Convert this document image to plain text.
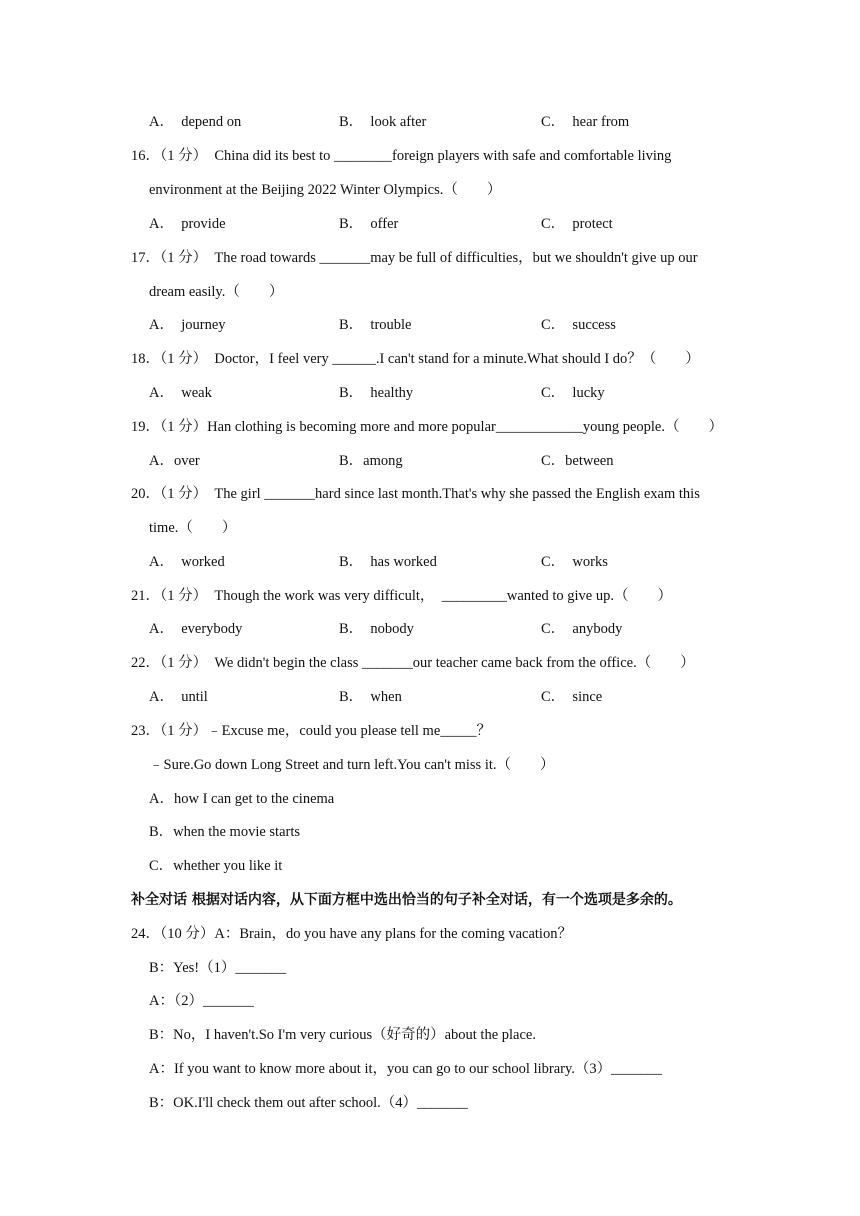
A．　depend on	B．　look after	C．　hear from
16．（1 分）　China did its best to ________foreign players with safe and comfortable living
environment at the Beijing 2022 Winter Olympics.（　　）
A．　provide	B．　offer	C．　protect
17．（1 分）　The road towards _______may be full of difficulties，but we shouldn't give up our
dream easily.（　　）
A．　journey	B．　trouble	C．　success
18．（1 分）　Doctor，I feel very ______.I can't stand for a minute.What should I do？（　　）
A．　weak	B．　healthy	C．　lucky
19．（1 分）Han clothing is becoming more and more popular____________young people.（　　）
A．over	B．among	C．between
20．（1 分）　The girl _______hard since last month.That's why she passed the English exam this
time.（　　）
A．　worked	B．　has worked	C．　works
21．（1 分）　Though the work was very difficult，　_________wanted to give up.（　　）
A．　everybody	B．　nobody	C．　anybody
22．（1 分）　We didn't begin the class _______our teacher came back from the office.（　　）
A．　until	B．　when	C．　since
23．（1 分）﹣Excuse me，could you please tell me_____？
﹣Sure.Go down Long Street and turn left.You can't miss it.（　　）
A．how I can get to the cinema
B．when the movie starts
C．whether you like it
补全对话 根据对话内容，从下面方框中选出恰当的句子补全对话，有一个选项是多余的。
24．（10 分）A：Brain，do you have any plans for the coming vacation？
B：Yes!（1）_______
A：（2）_______
B：No，I haven't.So I'm very curious（好奇的）about the place.
A：If you want to know more about it，you can go to our school library.（3）_______
B：OK.I'll check them out after school.（4）_______
